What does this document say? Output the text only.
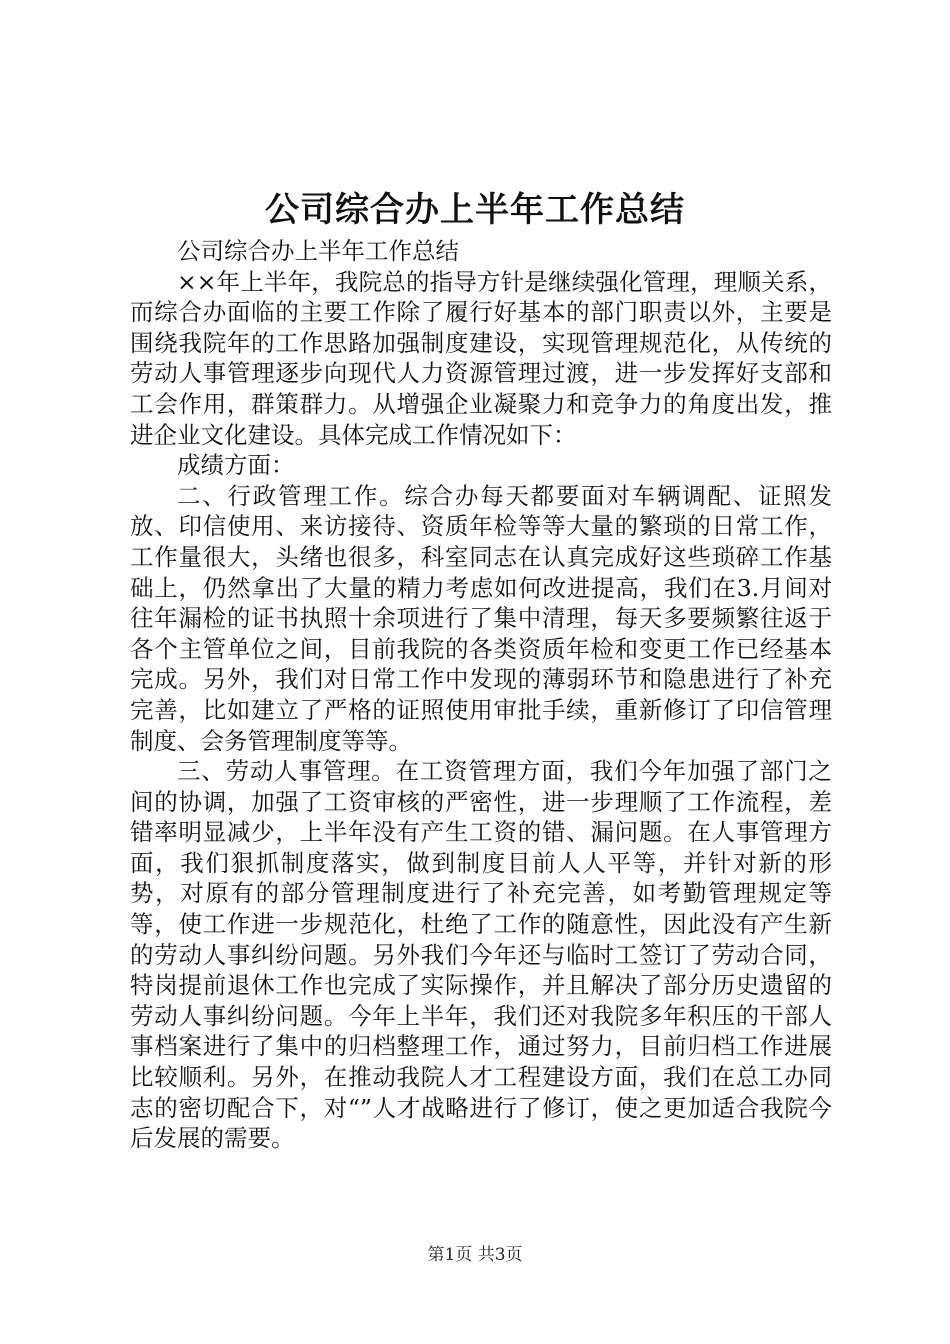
公司综合办上半年工作总结

公司综合办上半年工作总结

××年上半年，我院总的指导方针是继续强化管理，理顺关系，而综合办面临的主要工作除了履行好基本的部门职责以外，主要是围绕我院年的工作思路加强制度建设，实现管理规范化，从传统的劳动人事管理逐步向现代人力资源管理过渡，进一步发挥好支部和工会作用，群策群力。从增强企业凝聚力和竞争力的角度出发，推进企业文化建设。具体完成工作情况如下：

成绩方面：

二、行政管理工作。综合办每天都要面对车辆调配、证照发放、印信使用、来访接待、资质年检等等大量的繁琐的日常工作，工作量很大，头绪也很多，科室同志在认真完成好这些琐碎工作基础上，仍然拿出了大量的精力考虑如何改进提高，我们在3.月间对往年漏检的证书执照十余项进行了集中清理，每天多要频繁往返于各个主管单位之间，目前我院的各类资质年检和变更工作已经基本完成。另外，我们对日常工作中发现的薄弱环节和隐患进行了补充完善，比如建立了严格的证照使用审批手续，重新修订了印信管理制度、会务管理制度等等。

三、劳动人事管理。在工资管理方面，我们今年加强了部门之间的协调，加强了工资审核的严密性，进一步理顺了工作流程，差错率明显减少，上半年没有产生工资的错、漏问题。在人事管理方面，我们狠抓制度落实，做到制度目前人人平等，并针对新的形势，对原有的部分管理制度进行了补充完善，如考勤管理规定等等，使工作进一步规范化，杜绝了工作的随意性，因此没有产生新的劳动人事纠纷问题。另外我们今年还与临时工签订了劳动合同，特岗提前退休工作也完成了实际操作，并且解决了部分历史遗留的劳动人事纠纷问题。今年上半年，我们还对我院多年积压的干部人事档案进行了集中的归档整理工作，通过努力，目前归档工作进展比较顺利。另外，在推动我院人才工程建设方面，我们在总工办同志的密切配合下，对“”人才战略进行了修订，使之更加适合我院今后发展的需要。

第1页 共3页
